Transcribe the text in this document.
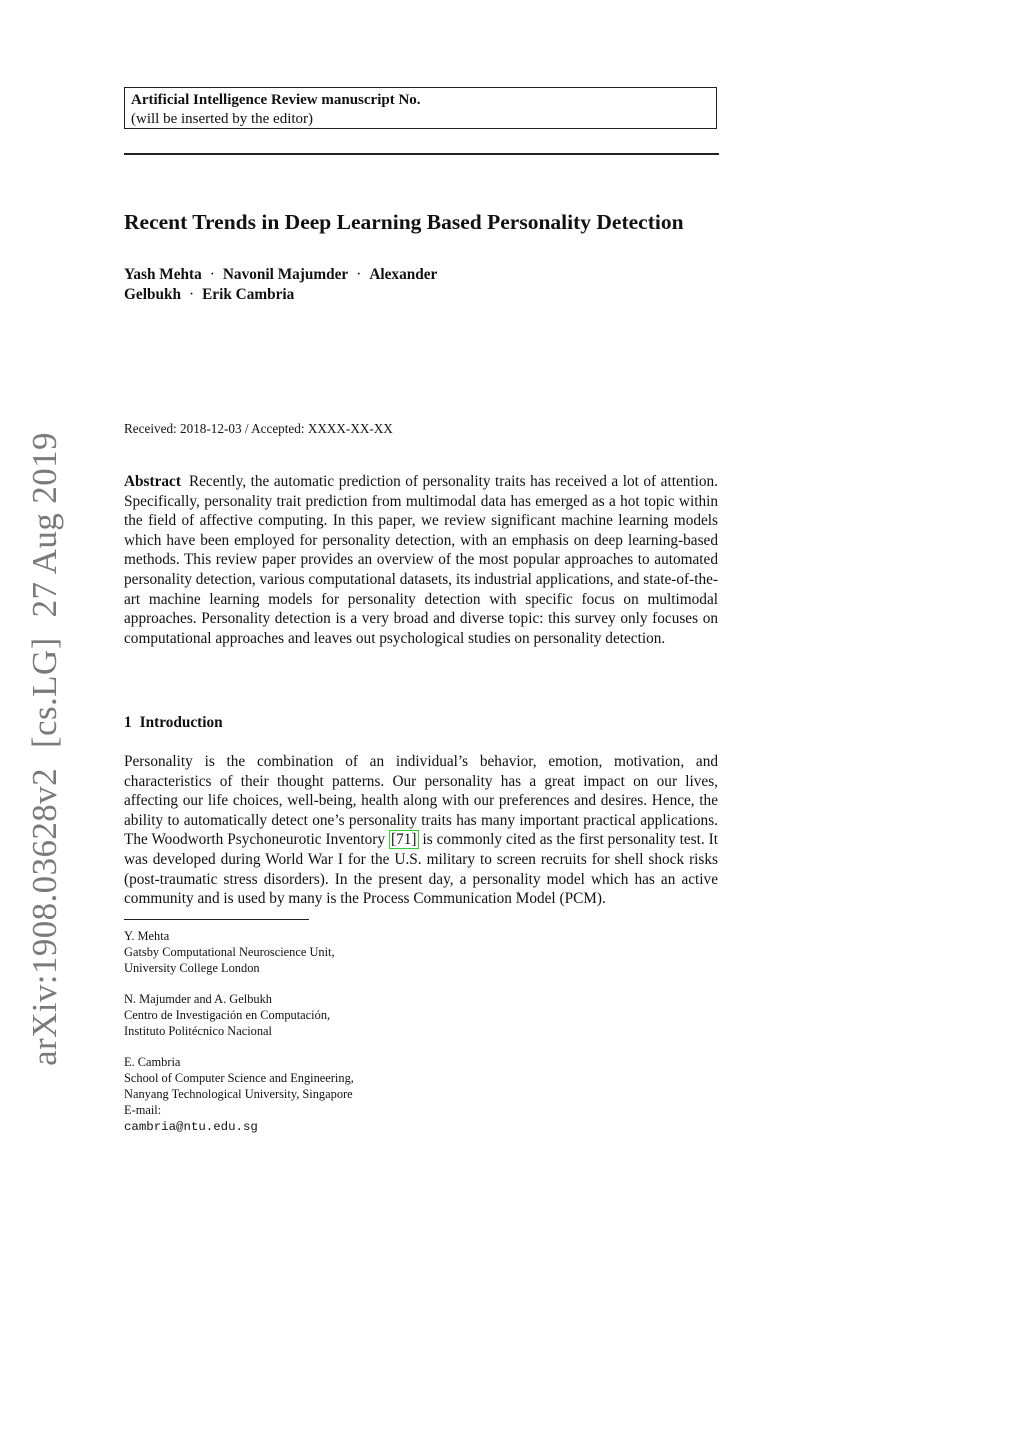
arXiv:1908.03628v2[cs.LG]27 Aug 2019
Artificial Intelligence Review manuscript No.
(will be inserted by the editor)
Recent Trends in Deep Learning Based Personality Detection
Yash Mehta · Navonil Majumder · Alexander
Gelbukh · Erik Cambria
Received: 2018-12-03 / Accepted: XXXX-XX-XX
Abstract Recently, the automatic prediction of personality traits has received a lot of attention. Specifically, personality trait prediction from multimodal data has emerged as a hot topic within the field of affective computing. In this paper, we review significant machine learning models which have been employed for personality detection, with an emphasis on deep learning-based methods. This review paper provides an overview of the most popular approaches to automated personality detection, various computational datasets, its industrial applications, and state-of-the-art machine learning models for personality detection with specific focus on multimodal approaches. Personality detection is a very broad and diverse topic: this survey only focuses on computational approaches and leaves out psychological studies on personality detection.
1 Introduction
Personality is the combination of an individual’s behavior, emotion, motivation, and characteristics of their thought patterns. Our personality has a great impact on our lives, affecting our life choices, well-being, health along with our preferences and desires. Hence, the ability to automatically detect one’s personality traits has many important practical applications. The Woodworth Psychoneurotic Inventory [71] is commonly cited as the first personality test. It was developed during World War I for the U.S. military to screen recruits for shell shock risks (post-traumatic stress disorders). In the present day, a personality model which has an active community and is used by many is the Process Communication Model (PCM).
Y. Mehta
Gatsby Computational Neuroscience Unit,
University College London
N. Majumder and A. Gelbukh
Centro de Investigación en Computación,
Instituto Politécnico Nacional
E. Cambria
School of Computer Science and Engineering,
Nanyang Technological University, Singapore
E-mail:
cambria@ntu.edu.sg
